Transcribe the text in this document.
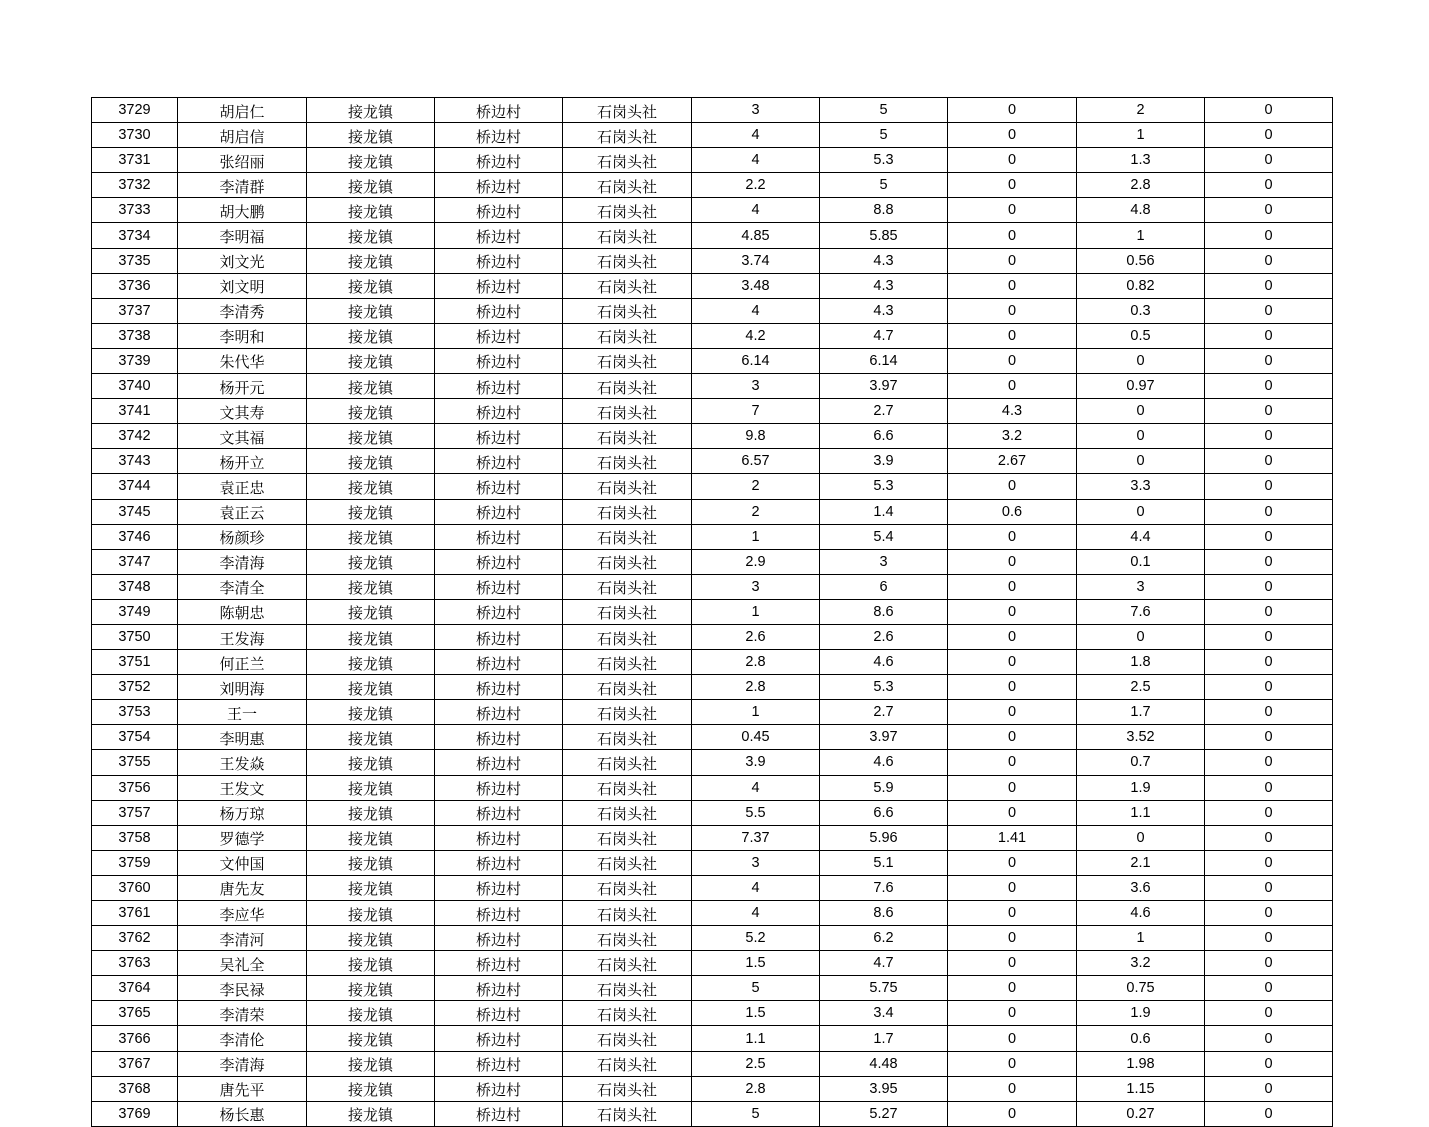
3729	胡启仁	接龙镇	桥边村	石岗头社	3	5	0	2	0
3730	胡启信	接龙镇	桥边村	石岗头社	4	5	0	1	0
3731	张绍丽	接龙镇	桥边村	石岗头社	4	5.3	0	1.3	0
3732	李清群	接龙镇	桥边村	石岗头社	2.2	5	0	2.8	0
3733	胡大鹏	接龙镇	桥边村	石岗头社	4	8.8	0	4.8	0
3734	李明福	接龙镇	桥边村	石岗头社	4.85	5.85	0	1	0
3735	刘文光	接龙镇	桥边村	石岗头社	3.74	4.3	0	0.56	0
3736	刘文明	接龙镇	桥边村	石岗头社	3.48	4.3	0	0.82	0
3737	李清秀	接龙镇	桥边村	石岗头社	4	4.3	0	0.3	0
3738	李明和	接龙镇	桥边村	石岗头社	4.2	4.7	0	0.5	0
3739	朱代华	接龙镇	桥边村	石岗头社	6.14	6.14	0	0	0
3740	杨开元	接龙镇	桥边村	石岗头社	3	3.97	0	0.97	0
3741	文其寿	接龙镇	桥边村	石岗头社	7	2.7	4.3	0	0
3742	文其福	接龙镇	桥边村	石岗头社	9.8	6.6	3.2	0	0
3743	杨开立	接龙镇	桥边村	石岗头社	6.57	3.9	2.67	0	0
3744	袁正忠	接龙镇	桥边村	石岗头社	2	5.3	0	3.3	0
3745	袁正云	接龙镇	桥边村	石岗头社	2	1.4	0.6	0	0
3746	杨颜珍	接龙镇	桥边村	石岗头社	1	5.4	0	4.4	0
3747	李清海	接龙镇	桥边村	石岗头社	2.9	3	0	0.1	0
3748	李清全	接龙镇	桥边村	石岗头社	3	6	0	3	0
3749	陈朝忠	接龙镇	桥边村	石岗头社	1	8.6	0	7.6	0
3750	王发海	接龙镇	桥边村	石岗头社	2.6	2.6	0	0	0
3751	何正兰	接龙镇	桥边村	石岗头社	2.8	4.6	0	1.8	0
3752	刘明海	接龙镇	桥边村	石岗头社	2.8	5.3	0	2.5	0
3753	王一	接龙镇	桥边村	石岗头社	1	2.7	0	1.7	0
3754	李明惠	接龙镇	桥边村	石岗头社	0.45	3.97	0	3.52	0
3755	王发焱	接龙镇	桥边村	石岗头社	3.9	4.6	0	0.7	0
3756	王发文	接龙镇	桥边村	石岗头社	4	5.9	0	1.9	0
3757	杨万琼	接龙镇	桥边村	石岗头社	5.5	6.6	0	1.1	0
3758	罗德学	接龙镇	桥边村	石岗头社	7.37	5.96	1.41	0	0
3759	文仲国	接龙镇	桥边村	石岗头社	3	5.1	0	2.1	0
3760	唐先友	接龙镇	桥边村	石岗头社	4	7.6	0	3.6	0
3761	李应华	接龙镇	桥边村	石岗头社	4	8.6	0	4.6	0
3762	李清河	接龙镇	桥边村	石岗头社	5.2	6.2	0	1	0
3763	吴礼全	接龙镇	桥边村	石岗头社	1.5	4.7	0	3.2	0
3764	李民禄	接龙镇	桥边村	石岗头社	5	5.75	0	0.75	0
3765	李清荣	接龙镇	桥边村	石岗头社	1.5	3.4	0	1.9	0
3766	李清伦	接龙镇	桥边村	石岗头社	1.1	1.7	0	0.6	0
3767	李清海	接龙镇	桥边村	石岗头社	2.5	4.48	0	1.98	0
3768	唐先平	接龙镇	桥边村	石岗头社	2.8	3.95	0	1.15	0
3769	杨长惠	接龙镇	桥边村	石岗头社	5	5.27	0	0.27	0
